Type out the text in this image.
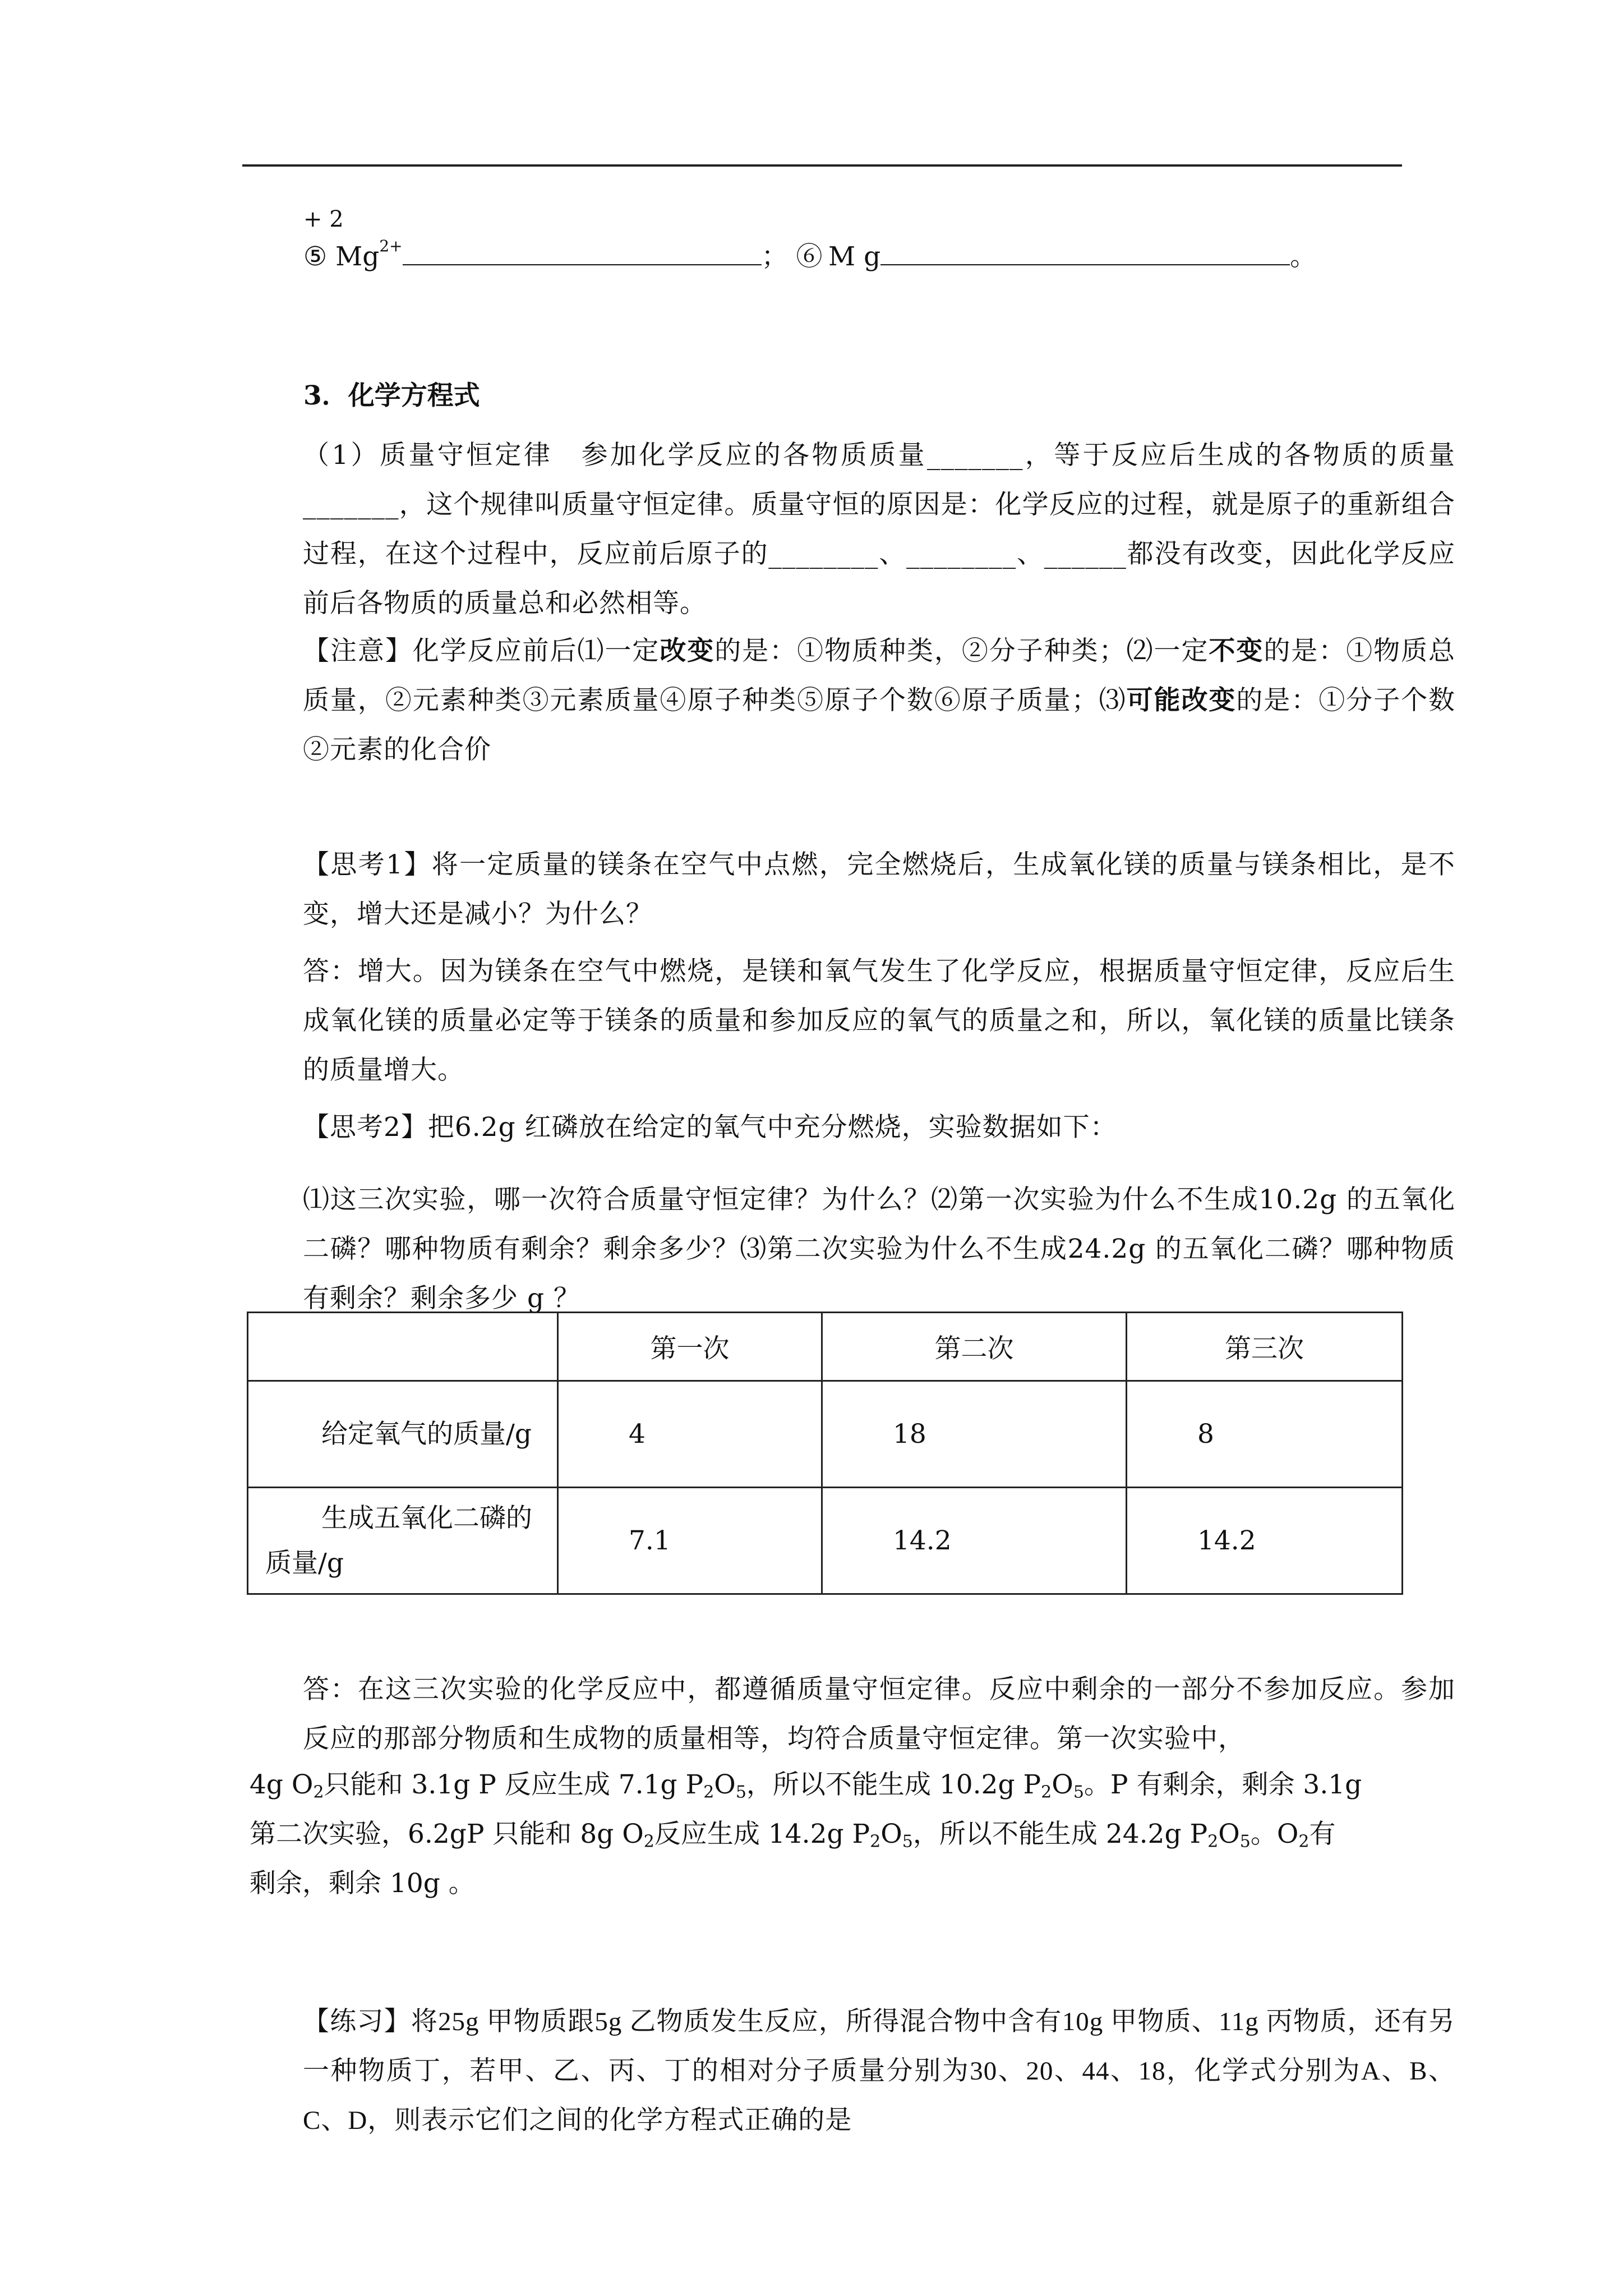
+ 2
⑤ $Mg^{2+}$	； ⑥ M g	。
3．化学方程式
（1）质量守恒定律　参加化学反应的各物质质量_______，等于反应后生成的各物质的质量_______，这个规律叫质量守恒定律。质量守恒的原因是：化学反应的过程，就是原子的重新组合过程，在这个过程中，反应前后原子的________、________、______都没有改变，因此化学反应前后各物质的质量总和必然相等。
【注意】化学反应前后⑴一定改变的是：①物质种类，②分子种类；⑵一定不变的是：①物质总质量，②元素种类③元素质量④原子种类⑤原子个数⑥原子质量；⑶可能改变的是：①分子个数②元素的化合价
【思考1】将一定质量的镁条在空气中点燃，完全燃烧后，生成氧化镁的质量与镁条相比，是不变，增大还是减小？为什么？
答：增大。因为镁条在空气中燃烧，是镁和氧气发生了化学反应，根据质量守恒定律，反应后生成氧化镁的质量必定等于镁条的质量和参加反应的氧气的质量之和，所以，氧化镁的质量比镁条的质量增大。
【思考2】把6.2g 红磷放在给定的氧气中充分燃烧，实验数据如下：
⑴这三次实验，哪一次符合质量守恒定律？为什么？⑵第一次实验为什么不生成10.2g 的五氧化二磷？哪种物质有剩余？剩余多少？⑶第二次实验为什么不生成24.2g 的五氧化二磷？哪种物质有剩余？剩余多少 g ？
	第一次	第二次	第三次
给定氧气的质量/g	4	18	8
生成五氧化二磷的质量/g	7.1	14.2	14.2
答：在这三次实验的化学反应中，都遵循质量守恒定律。反应中剩余的一部分不参加反应。参加反应的那部分物质和生成物的质量相等，均符合质量守恒定律。第一次实验中，
4g $O_2$只能和 3.1g P 反应生成 7.1g $P_2O_5$，所以不能生成 10.2g $P_2O_5$。P 有剩余，剩余 3.1g
第二次实验，6.2gP 只能和 8g $O_2$反应生成 14.2g $P_2O_5$，所以不能生成 24.2g $P_2O_5$。$O_2$有
剩余，剩余 10g 。
【练习】将25g 甲物质跟5g 乙物质发生反应，所得混合物中含有10g 甲物质、11g 丙物质，还有另一种物质丁，若甲、乙、丙、丁的相对分子质量分别为30、20、44、18，化学式分别为A、B、C、D，则表示它们之间的化学方程式正确的是
